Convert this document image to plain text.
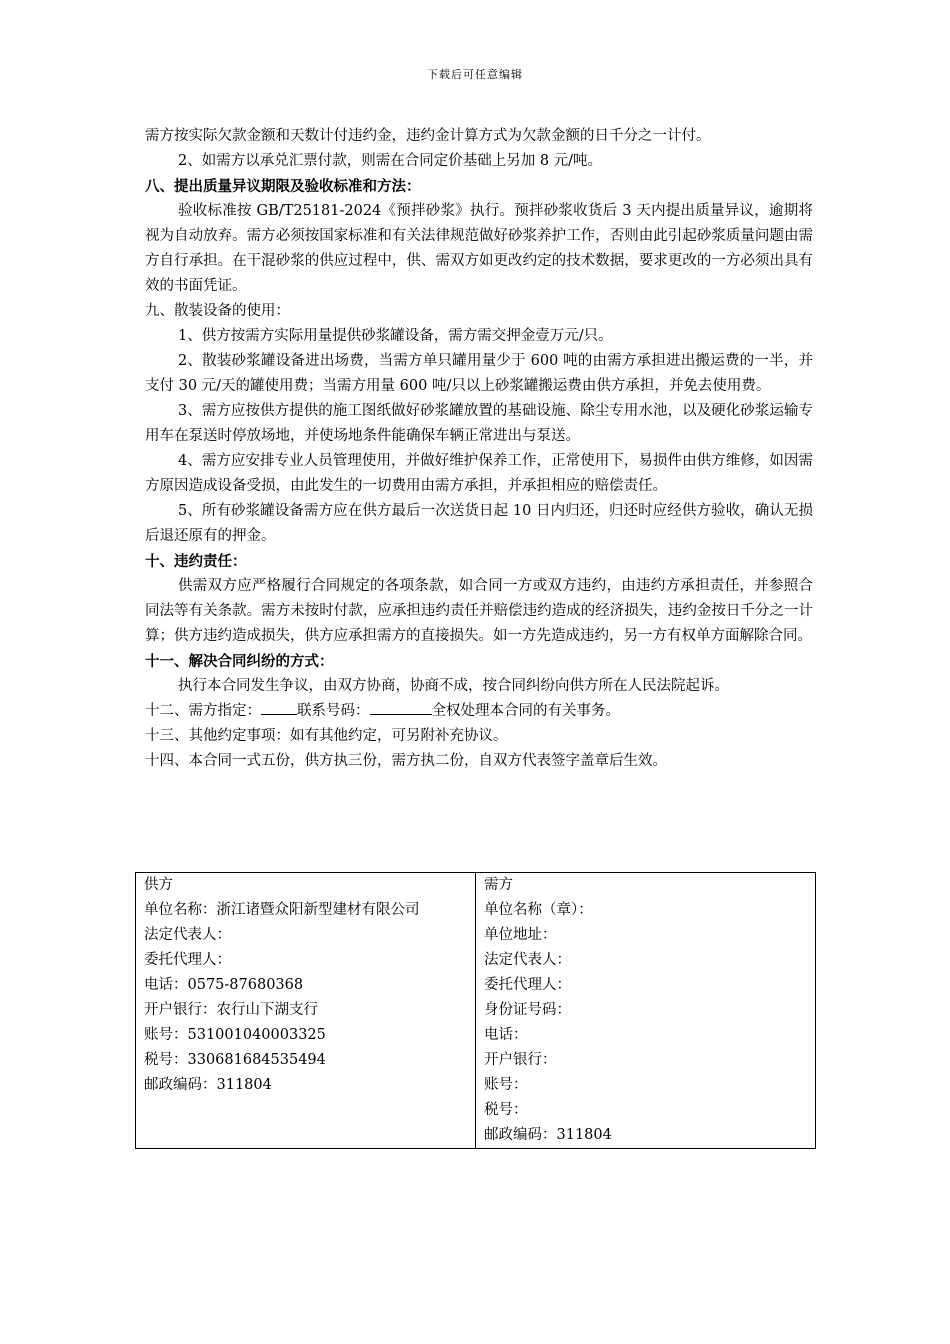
下载后可任意编辑
需方按实际欠款金额和天数计付违约金，违约金计算方式为欠款金额的日千分之一计付。
2、如需方以承兑汇票付款，则需在合同定价基础上另加 8 元/吨。
八、提出质量异议期限及验收标准和方法：
验收标准按 GB/T25181-2024《预拌砂浆》执行。预拌砂浆收货后 3 天内提出质量异议，逾期将视为自动放弃。需方必须按国家标准和有关法律规范做好砂浆养护工作，否则由此引起砂浆质量问题由需方自行承担。在干混砂浆的供应过程中，供、需双方如更改约定的技术数据，要求更改的一方必须出具有效的书面凭证。
九、散装设备的使用：
1、供方按需方实际用量提供砂浆罐设备，需方需交押金壹万元/只。
2、散装砂浆罐设备进出场费，当需方单只罐用量少于 600 吨的由需方承担进出搬运费的一半，并支付 30 元/天的罐使用费；当需方用量 600 吨/只以上砂浆罐搬运费由供方承担，并免去使用费。
3、需方应按供方提供的施工图纸做好砂浆罐放置的基础设施、除尘专用水池，以及硬化砂浆运输专用车在泵送时停放场地，并使场地条件能确保车辆正常进出与泵送。
4、需方应安排专业人员管理使用，并做好维护保养工作，正常使用下，易损件由供方维修，如因需方原因造成设备受损，由此发生的一切费用由需方承担，并承担相应的赔偿责任。
5、所有砂浆罐设备需方应在供方最后一次送货日起 10 日内归还，归还时应经供方验收，确认无损后退还原有的押金。
十、违约责任：
供需双方应严格履行合同规定的各项条款，如合同一方或双方违约，由违约方承担责任，并参照合同法等有关条款。需方未按时付款，应承担违约责任并赔偿违约造成的经济损失，违约金按日千分之一计算；供方违约造成损失，供方应承担需方的直接损失。如一方先造成违约，另一方有权单方面解除合同。
十一、解决合同纠纷的方式：
执行本合同发生争议，由双方协商，协商不成，按合同纠纷向供方所在人民法院起诉。
十二、需方指定： 联系号码：	全权处理本合同的有关事务。
十三、其他约定事项：如有其他约定，可另附补充协议。
十四、本合同一式五份，供方执三份，需方执二份，自双方代表签字盖章后生效。
供方
单位名称：浙江诸暨众阳新型建材有限公司
法定代表人：
委托代理人：
电话：0575-87680368
开户银行：农行山下湖支行
账号：531001040003325
税号：330681684535494
邮政编码：311804

需方
单位名称（章）：
单位地址：
法定代表人：
委托代理人：
身份证号码：
电话：
开户银行：
账号：
税号：
邮政编码：311804
